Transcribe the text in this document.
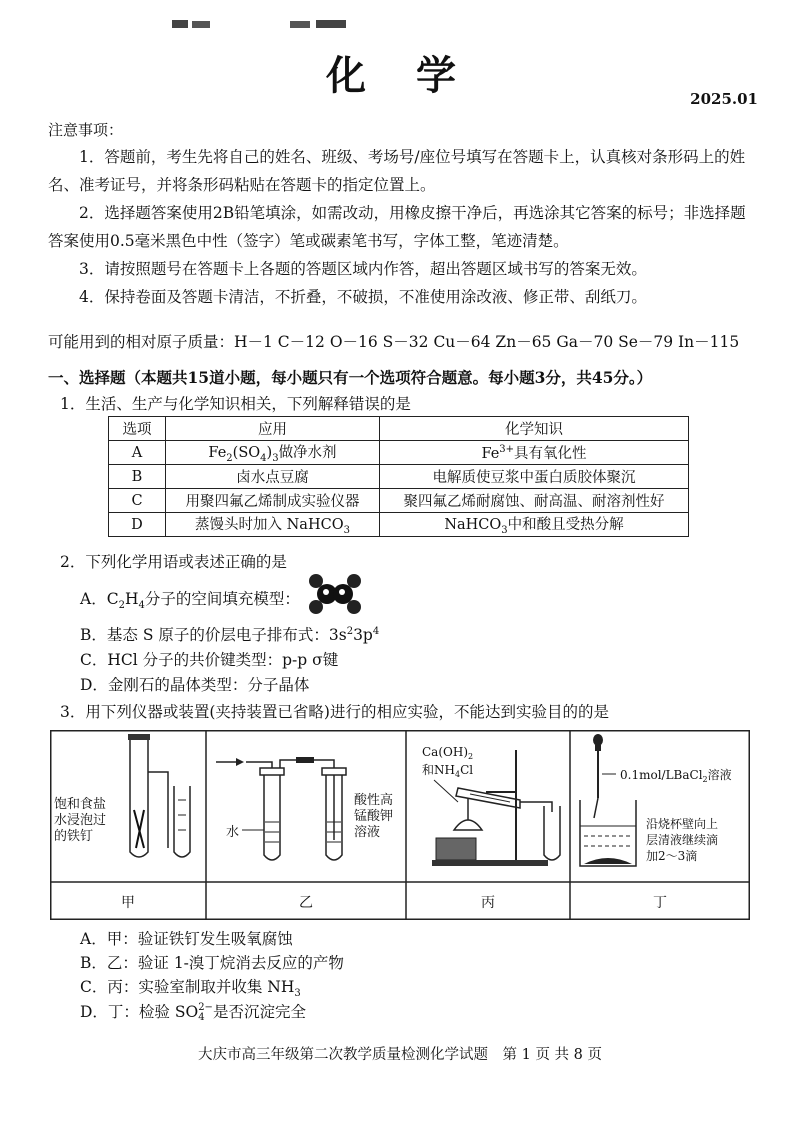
化 学	2025.01
注意事项：
1．答题前，考生先将自己的姓名、班级、考场号/座位号填写在答题卡上，认真核对条形码上的姓名、准考证号，并将条形码粘贴在答题卡的指定位置上。
2．选择题答案使用2B铅笔填涂，如需改动，用橡皮擦干净后，再选涂其它答案的标号；非选择题答案使用0.5毫米黑色中性（签字）笔或碳素笔书写，字体工整，笔迹清楚。
3．请按照题号在答题卡上各题的答题区域内作答，超出答题区域书写的答案无效。
4．保持卷面及答题卡清洁，不折叠，不破损，不准使用涂改液、修正带、刮纸刀。
可能用到的相对原子质量：H－1 C－12 O－16 S－32 Cu－64 Zn－65 Ga－70 Se－79 In－115
一、选择题（本题共15道小题，每小题只有一个选项符合题意。每小题3分，共45分。）
1．生活、生产与化学知识相关，下列解释错误的是
选项	应用	化学知识
A	$Fe_2(SO_4)_3$做净水剂	$Fe^{3+}$具有氧化性
B	卤水点豆腐	电解质使豆浆中蛋白质胶体聚沉
C	用聚四氟乙烯制成实验仪器	聚四氟乙烯耐腐蚀、耐高温、耐溶剂性好
D	蒸馒头时加入 NaHCO$_3$	NaHCO$_3$中和酸且受热分解
2．下列化学用语或表述正确的是
A．$C_2H_4$分子的空间填充模型：
B．基态 S 原子的价层电子排布式：$3s^23p^4$
C．HCl 分子的共价键类型：p-p σ键
D．金刚石的晶体类型：分子晶体
3．用下列仪器或装置(夹持装置已省略)进行的相应实验，不能达到实验目的的是
饱和食盐
水浸泡过
的铁钉	水
酸性高
锰酸钾
溶液
$Ca(OH)_2$
和$NH_4Cl$	0.1mol/LBaCl$_2$溶液
沿烧杯壁向上
层清液继续滴
加2～3滴
甲	乙	丙	丁
A．甲：验证铁钉发生吸氧腐蚀
B．乙：验证 1-溴丁烷消去反应的产物
C．丙：实验室制取并收集 $NH_3$
D．丁：检验 SO 2−
4 是否沉淀完全
大庆市高三年级第二次教学质量检测化学试题　第 1 页 共 8 页
